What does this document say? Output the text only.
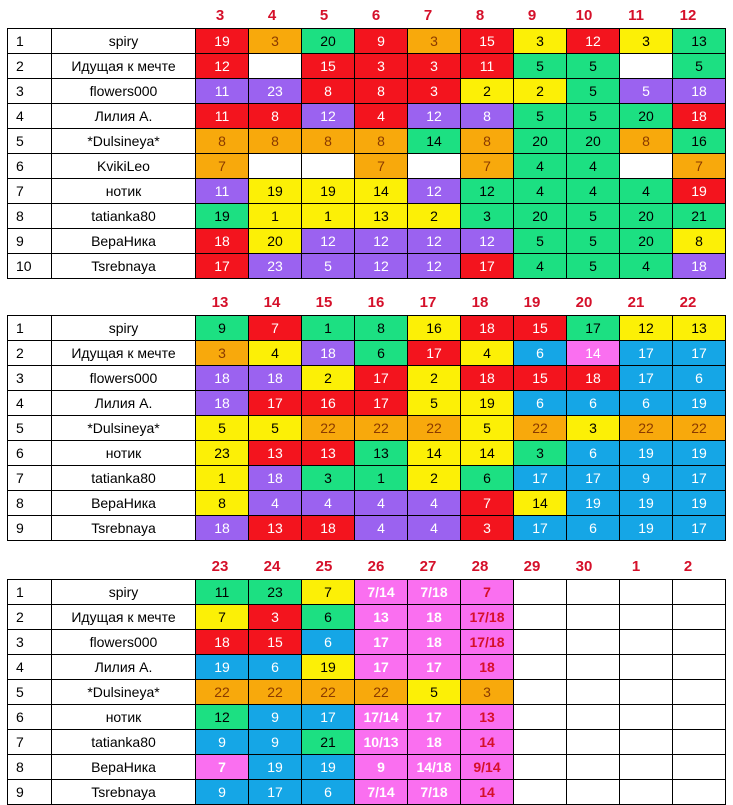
3	4	5	6	7	8	9	10	11	12
1	spiry	19	3	20	9	3	15	3	12	3	13
2	Идущая к мечте	12		15	3	3	11	5	5		5
3	flowers000	11	23	8	8	3	2	2	5	5	18
4	Лилия А.	11	8	12	4	12	8	5	5	20	18
5	*Dulsineya*	8	8	8	8	14	8	20	20	8	16
6	KvikiLeo	7			7		7	4	4		7
7	нотик	11	19	19	14	12	12	4	4	4	19
8	tatianka80	19	1	1	13	2	3	20	5	20	21
9	ВераНика	18	20	12	12	12	12	5	5	20	8
10	Tsrebnaya	17	23	5	12	12	17	4	5	4	18
13	14	15	16	17	18	19	20	21	22
1	spiry	9	7	1	8	16	18	15	17	12	13
2	Идущая к мечте	3	4	18	6	17	4	6	14	17	17
3	flowers000	18	18	2	17	2	18	15	18	17	6
4	Лилия А.	18	17	16	17	5	19	6	6	6	19
5	*Dulsineya*	5	5	22	22	22	5	22	3	22	22
6	нотик	23	13	13	13	14	14	3	6	19	19
7	tatianka80	1	18	3	1	2	6	17	17	9	17
8	ВераНика	8	4	4	4	4	7	14	19	19	19
9	Tsrebnaya	18	13	18	4	4	3	17	6	19	17
23	24	25	26	27	28	29	30	1	2
1	spiry	11	23	7	7/14	7/18	7				
2	Идущая к мечте	7	3	6	13	18	17/18				
3	flowers000	18	15	6	17	18	17/18				
4	Лилия А.	19	6	19	17	17	18				
5	*Dulsineya*	22	22	22	22	5	3				
6	нотик	12	9	17	17/14	17	13				
7	tatianka80	9	9	21	10/13	18	14				
8	ВераНика	7	19	19	9	14/18	9/14				
9	Tsrebnaya	9	17	6	7/14	7/18	14				
